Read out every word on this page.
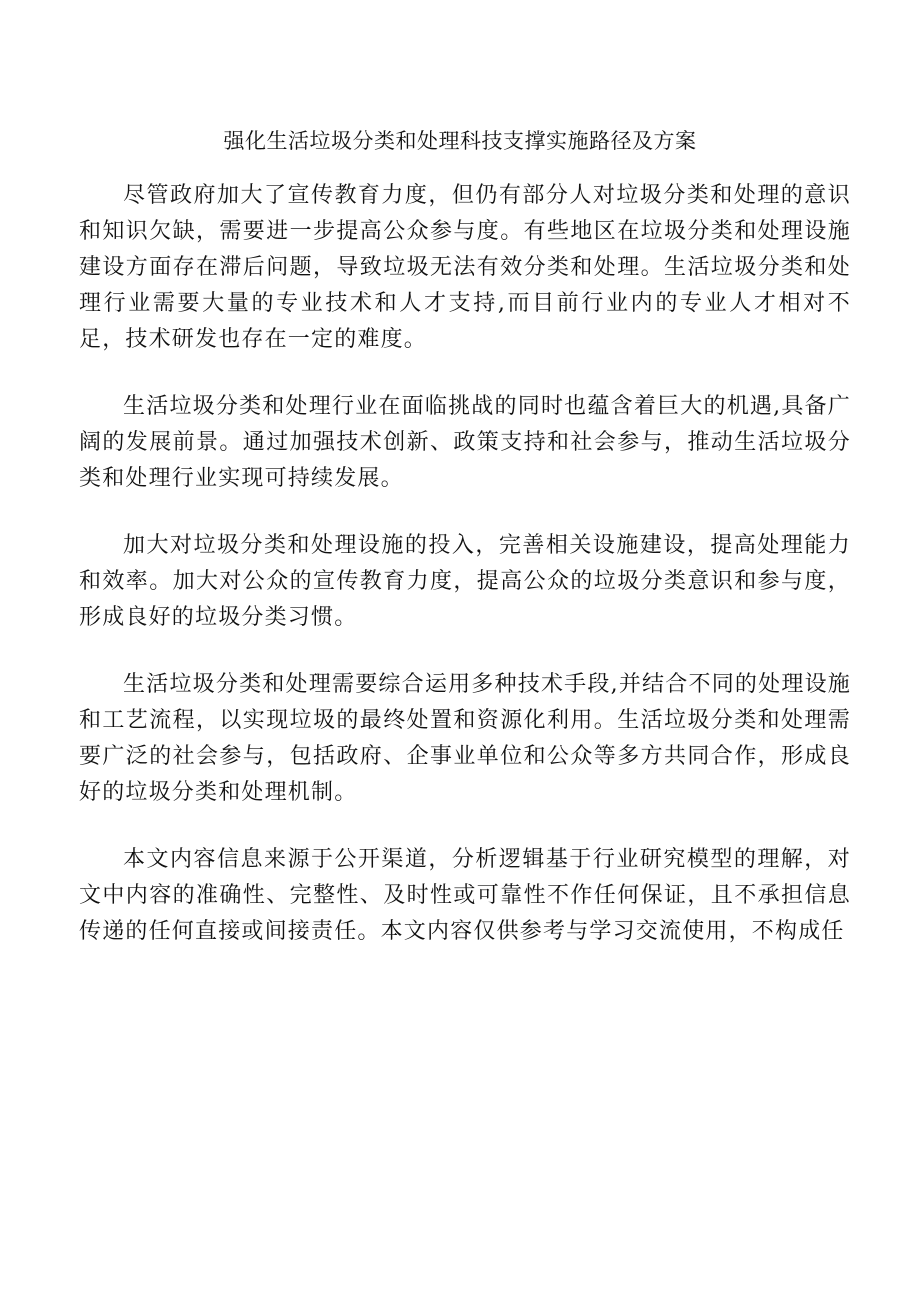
强化生活垃圾分类和处理科技支撑实施路径及方案

尽管政府加大了宣传教育力度，但仍有部分人对垃圾分类和处理的意识和知识欠缺，需要进一步提高公众参与度。有些地区在垃圾分类和处理设施建设方面存在滞后问题，导致垃圾无法有效分类和处理。生活垃圾分类和处理行业需要大量的专业技术和人才支持,而目前行业内的专业人才相对不足，技术研发也存在一定的难度。

生活垃圾分类和处理行业在面临挑战的同时也蕴含着巨大的机遇,具备广阔的发展前景。通过加强技术创新、政策支持和社会参与，推动生活垃圾分类和处理行业实现可持续发展。

加大对垃圾分类和处理设施的投入，完善相关设施建设，提高处理能力和效率。加大对公众的宣传教育力度，提高公众的垃圾分类意识和参与度，形成良好的垃圾分类习惯。

生活垃圾分类和处理需要综合运用多种技术手段,并结合不同的处理设施和工艺流程，以实现垃圾的最终处置和资源化利用。生活垃圾分类和处理需要广泛的社会参与，包括政府、企事业单位和公众等多方共同合作，形成良好的垃圾分类和处理机制。

本文内容信息来源于公开渠道，分析逻辑基于行业研究模型的理解，对文中内容的准确性、完整性、及时性或可靠性不作任何保证，且不承担信息传递的任何直接或间接责任。本文内容仅供参考与学习交流使用，不构成任
